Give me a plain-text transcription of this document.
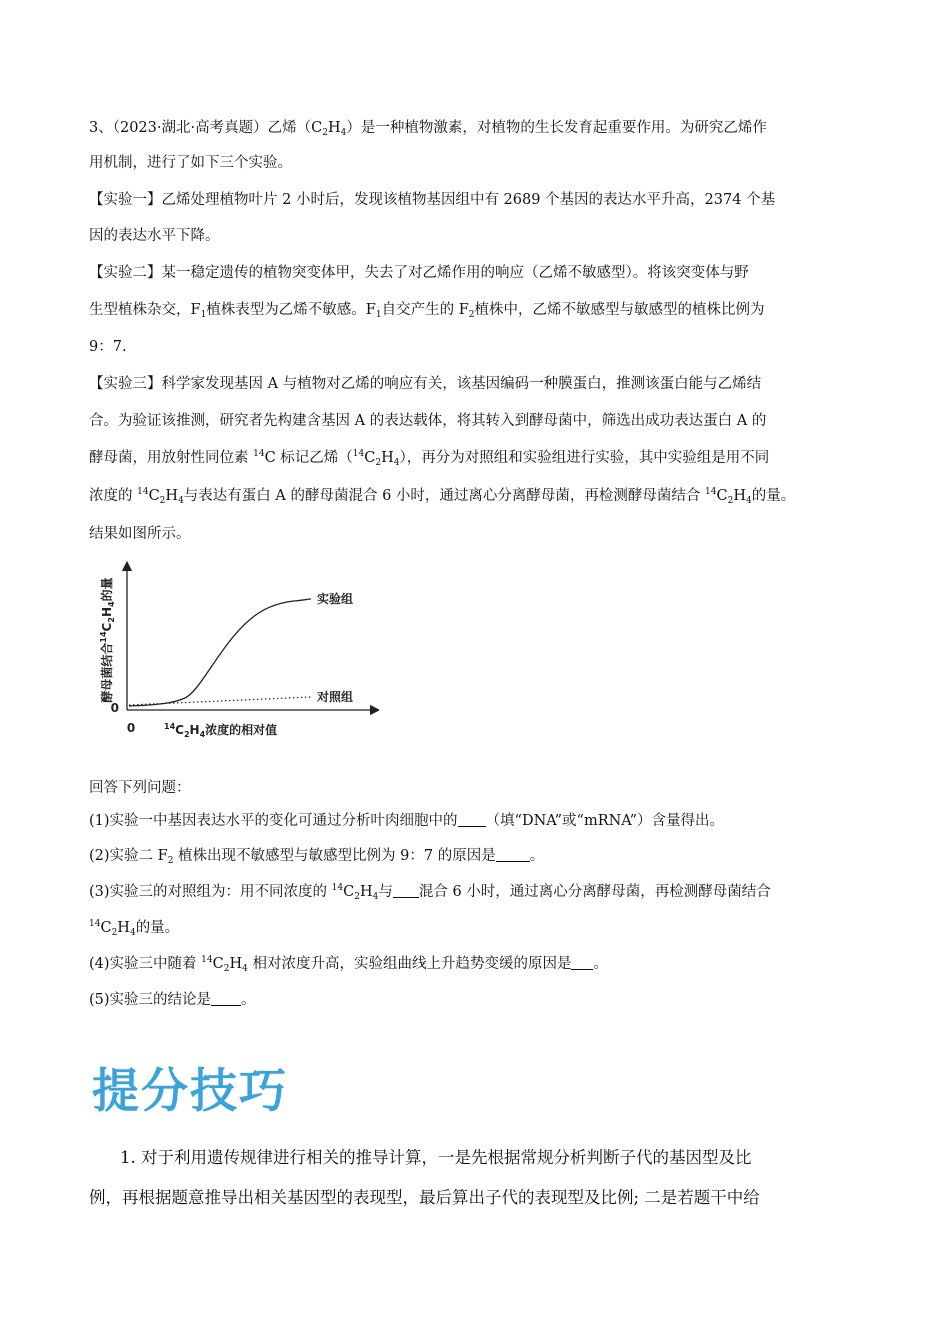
3、（2023·湖北·高考真题）乙烯$(C_2H_4)$是一种植物激素，对植物的生长发育起重要作用。为研究乙烯作
用机制，进行了如下三个实验。
【实验一】乙烯处理植物叶片 2 小时后，发现该植物基因组中有 2689 个基因的表达水平升高，2374 个基
因的表达水平下降。
【实验二】某一稳定遗传的植物突变体甲，失去了对乙烯作用的响应（乙烯不敏感型）。将该突变体与野
生型植株杂交，$F_1$植株表型为乙烯不敏感。$F_1$自交产生的 $F_2$植株中，乙烯不敏感型与敏感型的植株比例为
9：7.
【实验三】科学家发现基因 A 与植物对乙烯的响应有关，该基因编码一种膜蛋白，推测该蛋白能与乙烯结
合。为验证该推测，研究者先构建含基因 A 的表达载体，将其转入到酵母菌中，筛选出成功表达蛋白 A 的
酵母菌，用放射性同位素 $^{14}$C 标记乙烯$(^{14}C_2H_4)$，再分为对照组和实验组进行实验，其中实验组是用不同
浓度的 $^{14}C_2H_4$与表达有蛋白 A 的酵母菌混合 6 小时，通过离心分离酵母菌，再检测酵母菌结合 $^{14}C_2H_4$的量。
结果如图所示。
酵母菌结合$^{14}C_2H_4$的量
0
0	$^{14}C_2H_4$浓度的相对值
实验组
对照组
回答下列问题：
(1)实验一中基因表达水平的变化可通过分析叶肉细胞中的 （填“DNA”或“mRNA”）含量得出。
(2)实验二 $F_2$ 植株出现不敏感型与敏感型比例为 9：7 的原因是 。
(3)实验三的对照组为：用不同浓度的 $^{14}C_2H_4$与 混合 6 小时，通过离心分离酵母菌，再检测酵母菌结合
$^{14}C_2H_4$的量。
(4)实验三中随着 $^{14}C_2H_4$ 相对浓度升高，实验组曲线上升趋势变缓的原因是 。
(5)实验三的结论是 。
提分技巧
1. 对于利用遗传规律进行相关的推导计算，一是先根据常规分析判断子代的基因型及比
例，再根据题意推导出相关基因型的表现型，最后算出子代的表现型及比例; 二是若题干中给
